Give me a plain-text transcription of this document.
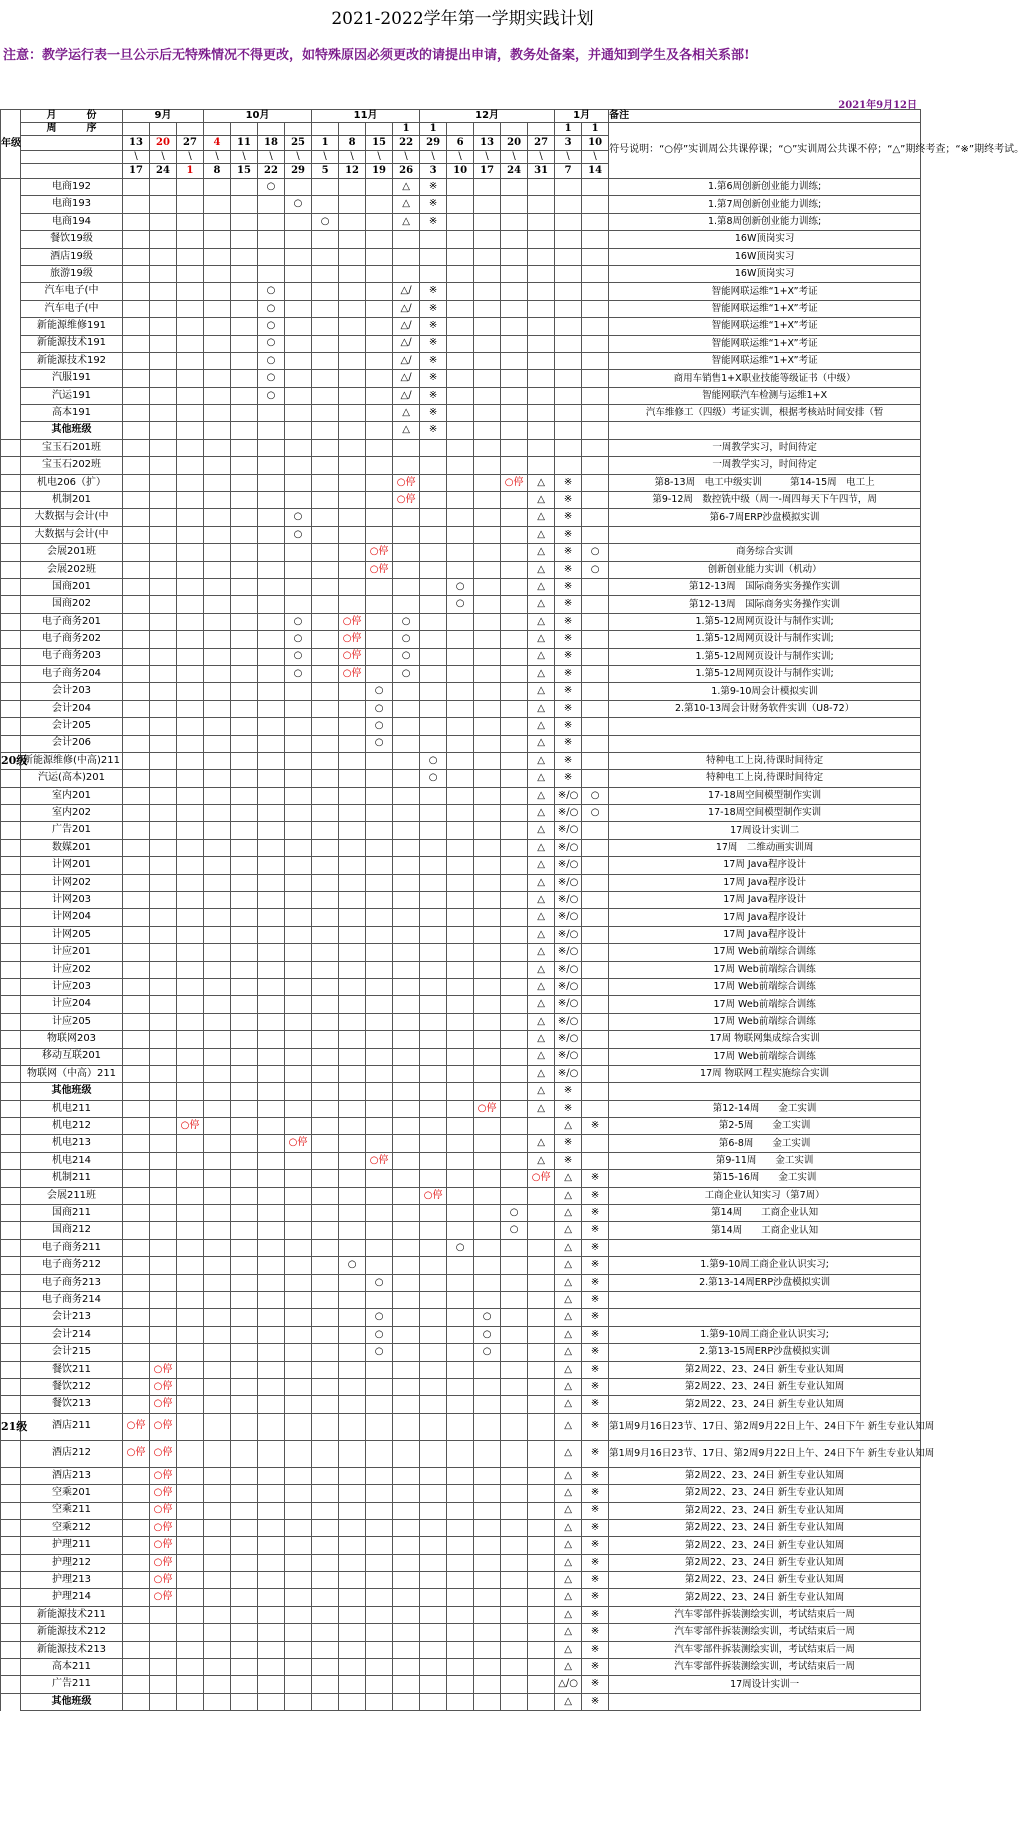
2021-2022学年第一学期实践计划
注意：教学运行表一旦公示后无特殊情况不得更改，如特殊原因必须更改的请提出申请，教务处备案，并通知到学生及各相关系部!
2021年9月12日
年级	月　　　份	9月			10月				11月				12月					1月		备注
	周　　　序											1	1					1	1	符号说明：“○停”实训周公共课停课；“○”实训周公共课不停；“△”期终考查；“※”期终考试。
		13	20	27	4	11	18	25	1	8	15	22	29	6	13	20	27	3	10	
		\	\	\	\	\	\	\	\	\	\	\	\	\	\	\	\	\	\	
		17	24	1	8	15	22	29	5	12	19	26	3	10	17	24	31	7	14	
	电商192						○					△	※							1.第6周创新创业能力训练;
	电商193							○				△	※							1.第7周创新创业能力训练;
	电商194								○			△	※							1.第8周创新创业能力训练;
	餐饮19级																			16W顶岗实习
	酒店19级																			16W顶岗实习
	旅游19级																			16W顶岗实习
	汽车电子(中						○					△/	※							智能网联运维“1+X”考证
	汽车电子(中						○					△/	※							智能网联运维“1+X”考证
	新能源维修191						○					△/	※							智能网联运维“1+X”考证
	新能源技术191						○					△/	※							智能网联运维“1+X”考证
	新能源技术192						○					△/	※							智能网联运维“1+X”考证
	汽服191						○					△/	※							商用车销售1+X职业技能等级证书（中级）
	汽运191						○					△/	※							智能网联汽车检测与运维1+X
	高本191											△	※							汽车维修工（四级）考证实训，根据考核站时间安排（暂
	其他班级											△	※							
	宝玉石201班																			一周教学实习，时间待定
	宝玉石202班																			一周教学实习，时间待定
	机电206（扩）											○停				○停	△	※		第8-13周　电工中级实训　　　第14-15周　电工上
	机制201											○停					△	※		第9-12周　数控铣中级（周一-周四每天下午四节，周
	大数据与会计(中							○									△	※		第6-7周ERP沙盘模拟实训
	大数据与会计(中							○									△	※		
	会展201班										○停						△	※	○	商务综合实训
	会展202班										○停						△	※	○	创新创业能力实训（机动）
	国商201													○			△	※		第12-13周　国际商务实务操作实训
	国商202													○			△	※		第12-13周　国际商务实务操作实训
	电子商务201							○		○停		○					△	※		1.第5-12周网页设计与制作实训;
	电子商务202							○		○停		○					△	※		1.第5-12周网页设计与制作实训;
	电子商务203							○		○停		○					△	※		1.第5-12周网页设计与制作实训;
	电子商务204							○		○停		○					△	※		1.第5-12周网页设计与制作实训;
	会计203										○						△	※		1.第9-10周会计模拟实训
	会计204										○						△	※		2.第10-13周会计财务软件实训（U8-72）
	会计205										○						△	※		
	会计206										○						△	※		
20级	新能源维修(中高)211												○				△	※		特种电工上岗,待课时间待定
	汽运(高本)201												○				△	※		特种电工上岗,待课时间待定
	室内201																△	※/○	○	17-18周空间模型制作实训
	室内202																△	※/○	○	17-18周空间模型制作实训
	广告201																△	※/○		17周设计实训二
	数媒201																△	※/○		17周　二维动画实训周
	计网201																△	※/○		17周 Java程序设计
	计网202																△	※/○		17周 Java程序设计
	计网203																△	※/○		17周 Java程序设计
	计网204																△	※/○		17周 Java程序设计
	计网205																△	※/○		17周 Java程序设计
	计应201																△	※/○		17周 Web前端综合训练
	计应202																△	※/○		17周 Web前端综合训练
	计应203																△	※/○		17周 Web前端综合训练
	计应204																△	※/○		17周 Web前端综合训练
	计应205																△	※/○		17周 Web前端综合训练
	物联网203																△	※/○		17周 物联网集成综合实训
	移动互联201																△	※/○		17周 Web前端综合训练
	物联网（中高）211																△	※/○		17周 物联网工程实施综合实训
	其他班级																△	※		
	机电211														○停		△	※		第12-14周　　金工实训
	机电212			○停														△	※	第2-5周　　金工实训
	机电213							○停									△	※		第6-8周　　金工实训
	机电214										○停						△	※		第9-11周　　金工实训
	机制211																○停	△	※	第15-16周　　金工实训
	会展211班												○停					△	※	工商企业认知实习（第7周）
	国商211															○		△	※	第14周　　工商企业认知
	国商212															○		△	※	第14周　　工商企业认知
	电子商务211													○				△	※	
	电子商务212									○								△	※	1.第9-10周工商企业认识实习;
	电子商务213										○							△	※	2.第13-14周ERP沙盘模拟实训
	电子商务214																	△	※	
	会计213										○				○			△	※	
	会计214										○				○			△	※	1.第9-10周工商企业认识实习;
	会计215										○				○			△	※	2.第13-15周ERP沙盘模拟实训
	餐饮211		○停															△	※	第2周22、23、24日 新生专业认知周
	餐饮212		○停															△	※	第2周22、23、24日 新生专业认知周
	餐饮213		○停															△	※	第2周22、23、24日 新生专业认知周
21级	酒店211	○停	○停															△	※	第1周9月16日23节、17日、第2周9月22日上午、24日下午 新生专业认知周
	酒店212	○停	○停															△	※	第1周9月16日23节、17日、第2周9月22日上午、24日下午 新生专业认知周
	酒店213		○停															△	※	第2周22、23、24日 新生专业认知周
	空乘201		○停															△	※	第2周22、23、24日 新生专业认知周
	空乘211		○停															△	※	第2周22、23、24日 新生专业认知周
	空乘212		○停															△	※	第2周22、23、24日 新生专业认知周
	护理211		○停															△	※	第2周22、23、24日 新生专业认知周
	护理212		○停															△	※	第2周22、23、24日 新生专业认知周
	护理213		○停															△	※	第2周22、23、24日 新生专业认知周
	护理214		○停															△	※	第2周22、23、24日 新生专业认知周
	新能源技术211																	△	※	汽车零部件拆装测绘实训，考试结束后一周
	新能源技术212																	△	※	汽车零部件拆装测绘实训，考试结束后一周
	新能源技术213																	△	※	汽车零部件拆装测绘实训，考试结束后一周
	高本211																	△	※	汽车零部件拆装测绘实训，考试结束后一周
	广告211																	△/○	※	17周设计实训一
	其他班级																	△	※	
